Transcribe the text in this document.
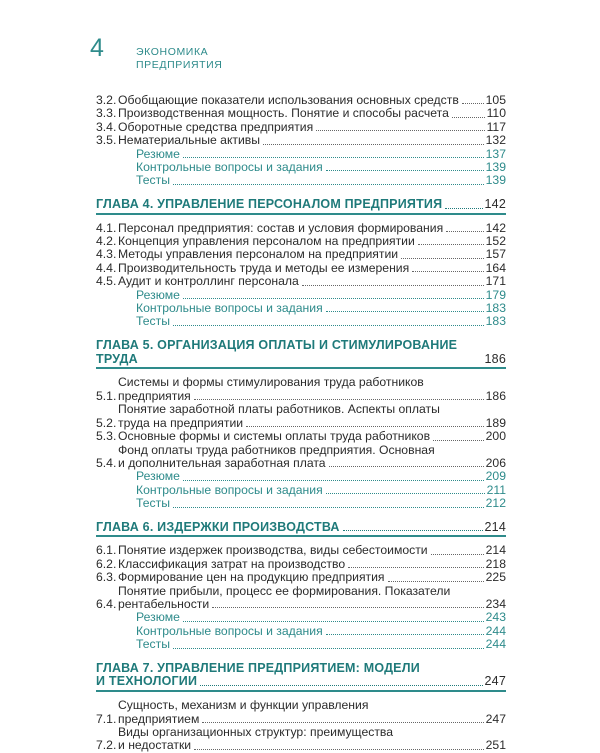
4	ЭКОНОМИКА
ПРЕДПРИЯТИЯ
3.2. Обобщающие показатели использования основных средств 105
3.3. Производственная мощность. Понятие и способы расчета	110
3.4. Оборотные средства предприятия	117
3.5. Нематериальные активы	132
Резюме	137
Контрольные вопросы и задания	139
Тесты	139
ГЛАВА 4. УПРАВЛЕНИЕ ПЕРСОНАЛОМ ПРЕДПРИЯТИЯ	142
4.1. Персонал предприятия: состав и условия формирования	142
4.2. Концепция управления персоналом на предприятии	152
4.3. Методы управления персоналом на предприятии	157
4.4. Производительность труда и методы ее измерения	164
4.5. Аудит и контроллинг персонала	171
Резюме	179
Контрольные вопросы и задания	183
Тесты	183
ГЛАВА 5. ОРГАНИЗАЦИЯ ОПЛАТЫ И СТИМУЛИРОВАНИЕ ТРУДА	186
5.1.
Системы и формы стимулирования труда работников
предприятия	186
5.2.
Понятие заработной платы работников. Аспекты оплаты
труда на предприятии	189
5.3. Основные формы и системы оплаты труда работников	200
5.4.
Фонд оплаты труда работников предприятия. Основная
и дополнительная заработная плата	206
Резюме	209
Контрольные вопросы и задания	211
Тесты	212
ГЛАВА 6. ИЗДЕРЖКИ ПРОИЗВОДСТВА	214
6.1. Понятие издержек производства, виды себестоимости	214
6.2. Классификация затрат на производство	218
6.3. Формирование цен на продукцию предприятия	225
6.4.
Понятие прибыли, процесс ее формирования. Показатели
рентабельности	234
Резюме	243
Контрольные вопросы и задания	244
Тесты	244
ГЛАВА 7. УПРАВЛЕНИЕ ПРЕДПРИЯТИЕМ: МОДЕЛИ
И ТЕХНОЛОГИИ	247
7.1.
Сущность, механизм и функции управления
предприятием	247
7.2.
Виды организационных структур: преимущества
и недостатки	251
